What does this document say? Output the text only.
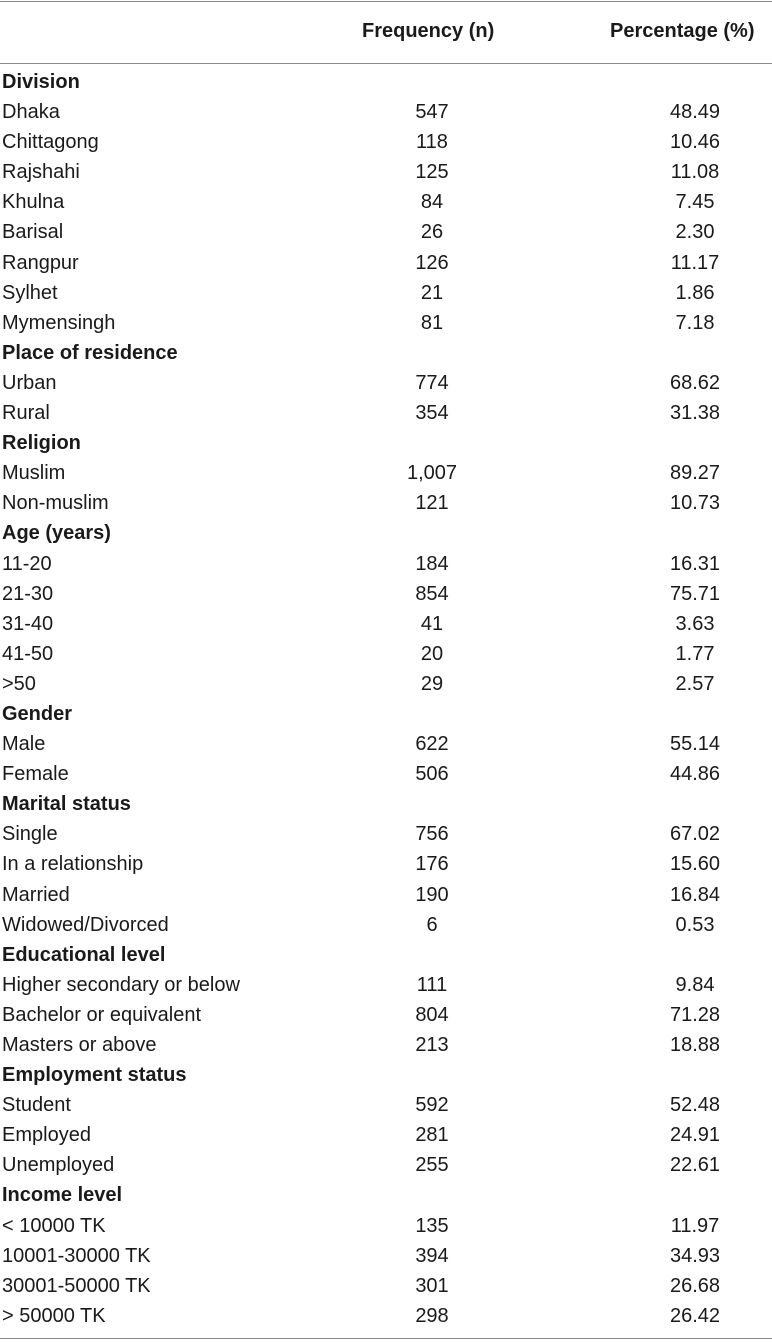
Frequency (n)	Percentage (%)
Division
Dhaka	547	48.49
Chittagong	118	10.46
Rajshahi	125	11.08
Khulna	84	7.45
Barisal	26	2.30
Rangpur	126	11.17
Sylhet	21	1.86
Mymensingh	81	7.18
Place of residence
Urban	774	68.62
Rural	354	31.38
Religion
Muslim	1,007	89.27
Non-muslim	121	10.73
Age (years)
11-20	184	16.31
21-30	854	75.71
31-40	41	3.63
41-50	20	1.77
>50	29	2.57
Gender
Male	622	55.14
Female	506	44.86
Marital status
Single	756	67.02
In a relationship	176	15.60
Married	190	16.84
Widowed/Divorced	6	0.53
Educational level
Higher secondary or below	111	9.84
Bachelor or equivalent	804	71.28
Masters or above	213	18.88
Employment status
Student	592	52.48
Employed	281	24.91
Unemployed	255	22.61
Income level
< 10000 TK	135	11.97
10001-30000 TK	394	34.93
30001-50000 TK	301	26.68
> 50000 TK	298	26.42
